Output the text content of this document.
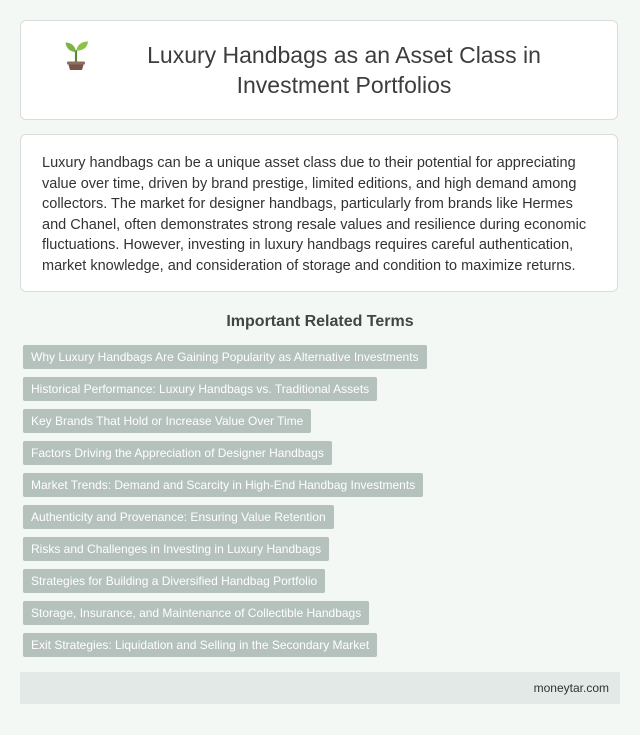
Luxury Handbags as an Asset Class in Investment Portfolios

Luxury handbags can be a unique asset class due to their potential for appreciating value over time, driven by brand prestige, limited editions, and high demand among collectors. The market for designer handbags, particularly from brands like Hermes and Chanel, often demonstrates strong resale values and resilience during economic fluctuations. However, investing in luxury handbags requires careful authentication, market knowledge, and consideration of storage and condition to maximize returns.

Important Related Terms
Why Luxury Handbags Are Gaining Popularity as Alternative Investments
Historical Performance: Luxury Handbags vs. Traditional Assets
Key Brands That Hold or Increase Value Over Time
Factors Driving the Appreciation of Designer Handbags
Market Trends: Demand and Scarcity in High-End Handbag Investments
Authenticity and Provenance: Ensuring Value Retention
Risks and Challenges in Investing in Luxury Handbags
Strategies for Building a Diversified Handbag Portfolio
Storage, Insurance, and Maintenance of Collectible Handbags
Exit Strategies: Liquidation and Selling in the Secondary Market
moneytar.com
